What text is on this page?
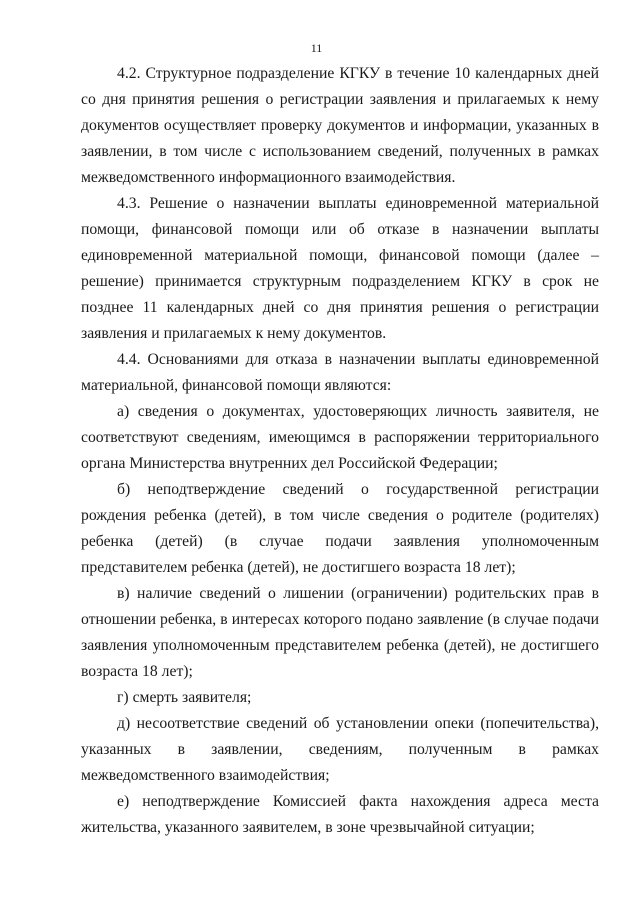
11

4.2. Структурное подразделение КГКУ в течение 10 календарных дней со дня принятия решения о регистрации заявления и прилагаемых к нему документов осуществляет проверку документов и информации, указанных в заявлении, в том числе с использованием сведений, полученных в рамках межведомственного информационного взаимодействия.

4.3. Решение о назначении выплаты единовременной материальной помощи, финансовой помощи или об отказе в назначении выплаты единовременной материальной помощи, финансовой помощи (далее – решение) принимается структурным подразделением КГКУ в срок не позднее 11 календарных дней со дня принятия решения о регистрации заявления и прилагаемых к нему документов.

4.4. Основаниями для отказа в назначении выплаты единовременной материальной, финансовой помощи являются:

а) сведения о документах, удостоверяющих личность заявителя, не соответствуют сведениям, имеющимся в распоряжении территориального органа Министерства внутренних дел Российской Федерации;

б) неподтверждение сведений о государственной регистрации рождения ребенка (детей), в том числе сведения о родителе (родителях) ребенка (детей) (в случае подачи заявления уполномоченным представителем ребенка (детей), не достигшего возраста 18 лет);

в) наличие сведений о лишении (ограничении) родительских прав в отношении ребенка, в интересах которого подано заявление (в случае подачи заявления уполномоченным представителем ребенка (детей), не достигшего возраста 18 лет);

г) смерть заявителя;

д) несоответствие сведений об установлении опеки (попечительства), указанных в заявлении, сведениям, полученным в рамках межведомственного взаимодействия;

е) неподтверждение Комиссией факта нахождения адреса места жительства, указанного заявителем, в зоне чрезвычайной ситуации;
